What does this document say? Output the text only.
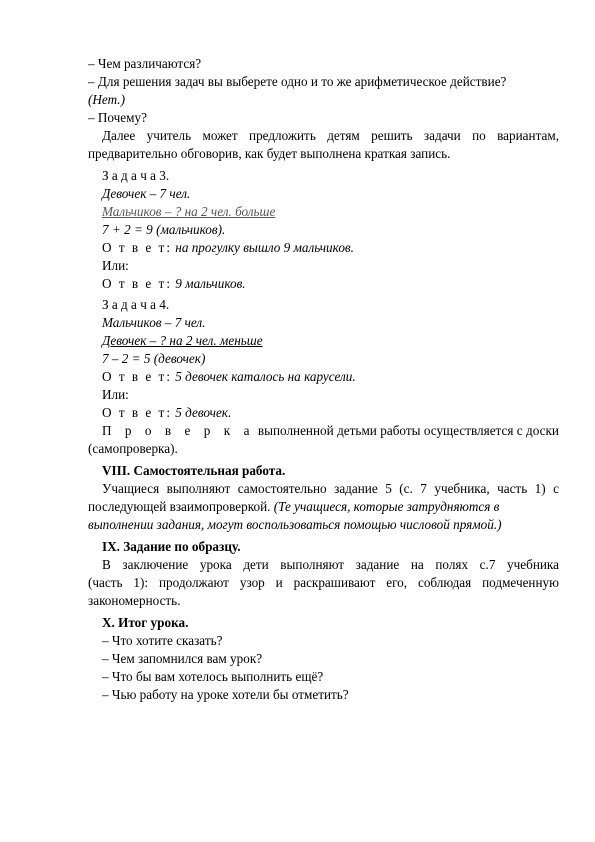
– Чем различаются?
– Для решения задач вы выберете одно и то же арифметическое действие?
(Нет.)
– Почему?
Далее учитель может предложить детям решить задачи по вариантам,
предварительно обговорив, как будет выполнена краткая запись.
З а д а ч а 3.
Девочек – 7 чел.
Мальчиков – ? на 2 чел. больше
7 + 2 = 9 (мальчиков).
О т в е т: на прогулку вышло 9 мальчиков.
Или:
О т в е т: 9 мальчиков.
З а д а ч а 4.
Мальчиков – 7 чел.
Девочек – ? на 2 чел. меньше
7 – 2 = 5 (девочек)
О т в е т: 5 девочек каталось на карусели.
Или:
О т в е т: 5 девочек.
П р о в е р к а выполненной детьми работы осуществляется с доски
(самопроверка).
VIII. Самостоятельная работа.
Учащиеся выполняют самостоятельно задание 5 (с. 7 учебника, часть 1) с
последующей взаимопроверкой. (Те учащиеся, которые затрудняются в
выполнении задания, могут воспользоваться помощью числовой прямой.)
IX. Задание по образцу.
В заключение урока дети выполняют задание на полях с.7 учебника
(часть 1): продолжают узор и раскрашивают его, соблюдая подмеченную
закономерность.
X. Итог урока.
– Что хотите сказать?
– Чем запомнился вам урок?
– Что бы вам хотелось выполнить ещё?
– Чью работу на уроке хотели бы отметить?
